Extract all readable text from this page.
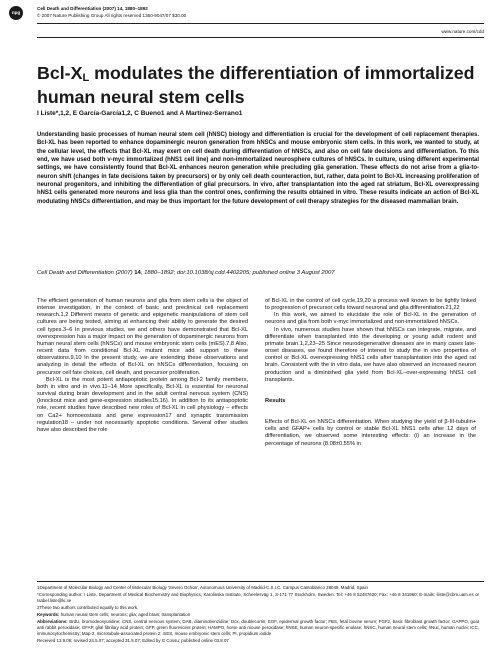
npg
Cell Death and Differentiation (2007) 14, 1880–1892
© 2007 Nature Publishing Group All rights reserved 1350-9047/07 $30.00
www.nature.com/cdd
Bcl-$X_L$ modulates the differentiation of immortalized human neural stem cells
I Liste*,1,2, E García-García1,2, C Bueno1 and A Martínez-Serrano1
Understanding basic processes of human neural stem cell (hNSC) biology and differentiation is crucial for the development of cell replacement therapies. Bcl-XL has been reported to enhance dopaminergic neuron generation from hNSCs and mouse embryonic stem cells. In this work, we wanted to study, at the cellular level, the effects that Bcl-XL may exert on cell death during differentiation of hNSCs, and also on cell fate decisions and differentiation. To this end, we have used both v-myc immortalized (hNS1 cell line) and non-immortalized neurosphere cultures of hNSCs. In culture, using different experimental settings, we have consistently found that Bcl-XL enhances neuron generation while precluding glia generation. These effects do not arise from a glia-to-neuron shift (changes in fate decisions taken by precursors) or by only cell death counteraction, but, rather, data point to Bcl-XL increasing proliferation of neuronal progenitors, and inhibiting the differentiation of glial precursors. In vivo, after transplantation into the aged rat striatum, Bcl-XL overexpressing hNS1 cells generated more neurons and less glia than the control ones, confirming the results obtained in vitro. These results indicate an action of Bcl-XL modulating hNSCs differentiation, and may be thus important for the future development of cell therapy strategies for the diseased mammalian brain.
Cell Death and Differentiation (2007) 14, 1880–1892; doi:10.1038/sj.cdd.4402205; published online 3 August 2007

The efficient generation of human neurons and glia from stem cells is the object of intense investigation, in the context of basic and preclinical cell replacement research.1,2 Different means of genetic and epigenetic manipulations of stem cell cultures are being tested, aiming at enhancing their ability to generate the desired cell types.3–6 In previous studies, we and others have demonstrated that Bcl-XL overexpression has a major impact on the generation of dopaminergic neurons from human neural stem cells (hNSCs) and mouse embryonic stem cells (mES).7,8 Also, recent data from conditional Bcl-XL mutant mice add support to these observations.9,10 In the present study, we are extending these observations and analyzing in detail the effects of Bcl-XL on hNSCs differentiation, focusing on precursor cell fate choices, cell death, and precursor proliferation.

Bcl-XL is the most potent antiapoptotic protein among Bcl-2 family members, both in vitro and in vivo.11–14 More specifically, Bcl-XL is essential for neuronal survival during brain development and in the adult central nervous system (CNS) (knockout mice and gene-expression studies15,16). In addition to its antiapoptotic role, recent studies have described new roles of Bcl-XL in cell physiology – effects on Ca2+ homoeostasis and gene expression17 and synaptic transmission regulation18 – under not necessarily apoptotic conditions. Several other studies have also described the role

of Bcl-XL in the control of cell cycle,19,20 a process well known to be tightly linked to progression of precursor cells toward neuronal and glia differentiation.21,22

In this work, we aimed to elucidate the role of Bcl-XL in the generation of neurons and glia from both v-myc immortalized and non-immortalized hNSCs.

In vivo, numerous studies have shown that hNSCs can integrate, migrate, and differentiate when transplanted into the developing or young adult rodent and primate brain.1,2,23–25 Since neurodegenerative diseases are in many cases late-onset diseases, we found therefore of interest to study the in vivo properties of control or Bcl-XL overexpressing hNS1 cells after transplantation into the aged rat brain. Consistent with the in vitro data, we have also observed an increased neuron production and a diminished glia yield from Bcl-XL–over-expressing hNS1 cell transplants.

Results

Effects of Bcl-XL on hNSCs differentiation. When studying the yield of β-III-tubulin+ cells and GFAP+ cells by control or stable Bcl-XL hNS1 cells after 12 days of differentiation, we observed some interesting effects: (i) an increase in the percentage of neurons (8.08±0.55% in

1Department of Molecular Biology and Center of Molecular Biology 'Severo Ochoa', Autonomous University of Madrid-C.S.I.C. Campus Cantoblanco 28049, Madrid, Spain

*Corresponding author: I Liste, Department of Medical Biochemistry and Biophysics, Karolinska Institute, Scheelesväg 1, S-171 77 Stockholm, Sweden. Tel: +46 8 52487620; Fax: +46 8 341960; E-mails: iliste@cbm.uam.es or Isabel.liste@ki.se

2These two authors contributed equally to this work.

Keywords: human neural stem cells; neurons; glia; aged brain; transplantation

Abbreviations: BrdU, bromodeoxyuridine; CNS, central nervous system; DAB, diaminobenzidine; Dcx, doublecortin; EGF, epidermal growth factor; FBS, fetal bovine serum; FGF2, basic fibroblast growth factor; GAPPO, goat anti rabbit peroxidase; GFAP, glial fibrilary acid protein; GFP, green fluorescent protein; HAMPO, horse anti mouse peroxidase; hNSE, human neuron-specific enolase; hNSC, human neural stem cells; hNuc, human nuclei; ICC, immunocytochemistry; Map-2, microtubule-associated protein 2; mES, mouse embryonic stem cells; PI, propidium iodide

Received 13.9.06; revised 24.5.07; accepted 31.5.07; Edited by G Cossu; published online 03.8.07
